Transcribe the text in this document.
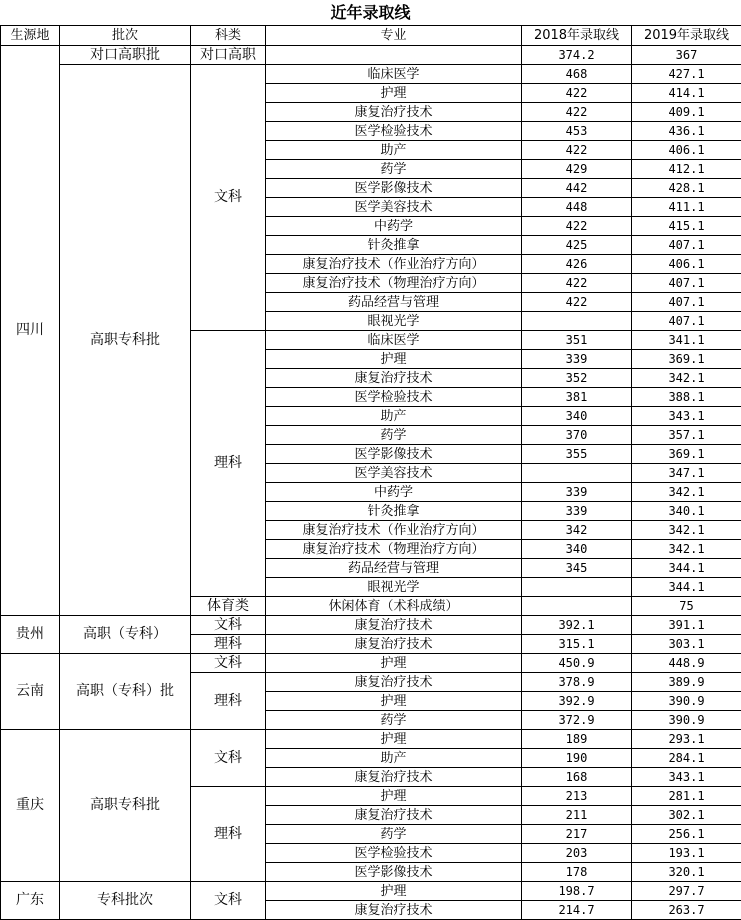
近年录取线
生源地	批次	科类	专业	2018年录取线	2019年录取线
四川	对口高职批	对口高职		374.2	367
	高职专科批	文科	临床医学	468	427.1
			护理	422	414.1
			康复治疗技术	422	409.1
			医学检验技术	453	436.1
			助产	422	406.1
			药学	429	412.1
			医学影像技术	442	428.1
			医学美容技术	448	411.1
			中药学	422	415.1
			针灸推拿	425	407.1
			康复治疗技术（作业治疗方向）	426	406.1
			康复治疗技术（物理治疗方向）	422	407.1
			药品经营与管理	422	407.1
			眼视光学		407.1
		理科	临床医学	351	341.1
			护理	339	369.1
			康复治疗技术	352	342.1
			医学检验技术	381	388.1
			助产	340	343.1
			药学	370	357.1
			医学影像技术	355	369.1
			医学美容技术		347.1
			中药学	339	342.1
			针灸推拿	339	340.1
			康复治疗技术（作业治疗方向）	342	342.1
			康复治疗技术（物理治疗方向）	340	342.1
			药品经营与管理	345	344.1
			眼视光学		344.1
		体育类	休闲体育（术科成绩）		75
贵州	高职（专科）	文科	康复治疗技术	392.1	391.1
		理科	康复治疗技术	315.1	303.1
云南	高职（专科）批	文科	护理	450.9	448.9
		理科	康复治疗技术	378.9	389.9
			护理	392.9	390.9
			药学	372.9	390.9
重庆	高职专科批	文科	护理	189	293.1
			助产	190	284.1
			康复治疗技术	168	343.1
		理科	护理	213	281.1
			康复治疗技术	211	302.1
			药学	217	256.1
			医学检验技术	203	193.1
			医学影像技术	178	320.1
广东	专科批次	文科	护理	198.7	297.7
			康复治疗技术	214.7	263.7
